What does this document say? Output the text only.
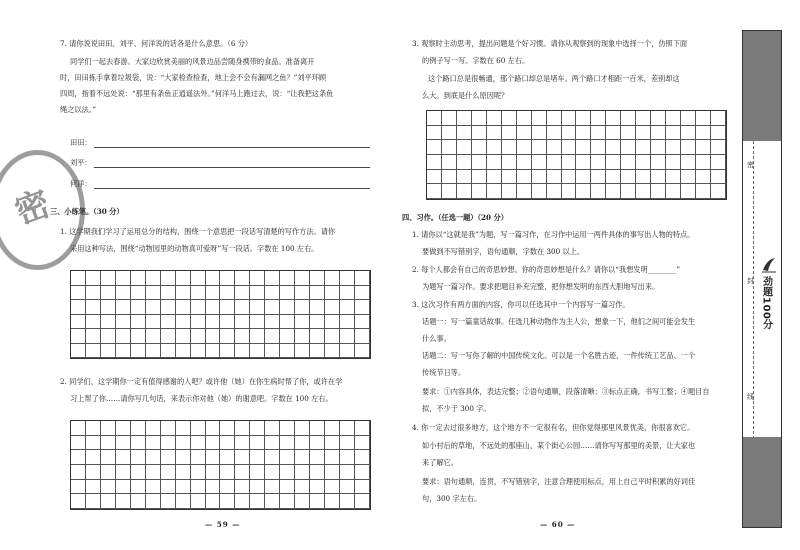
7. 请你说说田田、刘平、何洋说的话各是什么意思。（6 分）
同学们一起去春游。大家边欣赏美丽的风景边品尝随身携带的食品。准备离开
时，田田拣手拿着垃圾袋，说：“大家检查检查，地上会不会有漏网之鱼？”刘平环顾
四周，指着不远处说：“那里有条鱼正逍遥法外。”何洋马上跑过去，说：“让我把这条鱼
绳之以法。”
田田：
刘平：
何洋：
三、小练笔。（30 分）
1. 这学期我们学习了运用总分的结构，围绕一个意思把一段话写清楚的写作方法。请你
采用这种写法，围绕“动物园里的动物真可爱呀”写一段话。字数在 100 左右。
2. 同学们，这学期你一定有值得感谢的人吧？或许他（她）在你生病时帮了你，或许在学
习上帮了你……请你写几句话，来表示你对他（她）的谢意吧。字数在 100 左右。
— 59 —
密
3. 观察时主动思考，提出问题是个好习惯。请你从观察到的现象中选择一个，仿照下面
的例子写一写。字数在 60 左右。
这个路口总是很畅通，那个路口却总是堵车。两个路口才相距一百米，差别却这
么大。到底是什么原因呢？
四、习作。（任选一题）（20 分）
1. 请你以“这就是我”为题，写一篇习作，在习作中运用一两件具体的事写出人物的特点。
要做到不写错别字，语句通顺，字数在 300 以上。
2. 每个人都会有自己的奇思妙想。你的奇思妙想是什么？请你以“我想发明________”
为题写一篇习作。要求把题目补充完整，把你想发明的东西大胆地写出来。
3. 这次习作有两方面的内容，你可以任选其中一个内容写一篇习作。
话题一：写一篇童话故事。任选几种动物作为主人公，想象一下，他们之间可能会发生
什么事。
话题二：写一写你了解的中国传统文化。可以是一个名胜古迹、一件传统工艺品、一个
传统节日等。
要求：①内容具体，表达完整；②语句通顺，段落清晰；③标点正确，书写工整；④题目自
拟，不少于 300 字。
4. 你一定去过很多地方，这个地方不一定很有名，但你觉得那里风景优美，你很喜欢它。
如小村后的草地，不远处的那座山，某个街心公园……请你写写那里的美景，让大家也
来了解它。
要求：语句通顺，连贯，不写错别字，注意合理使用标点，用上自己平时积累的好词佳
句，300 字左右。
— 60 —
密
封
线
劲题100分
